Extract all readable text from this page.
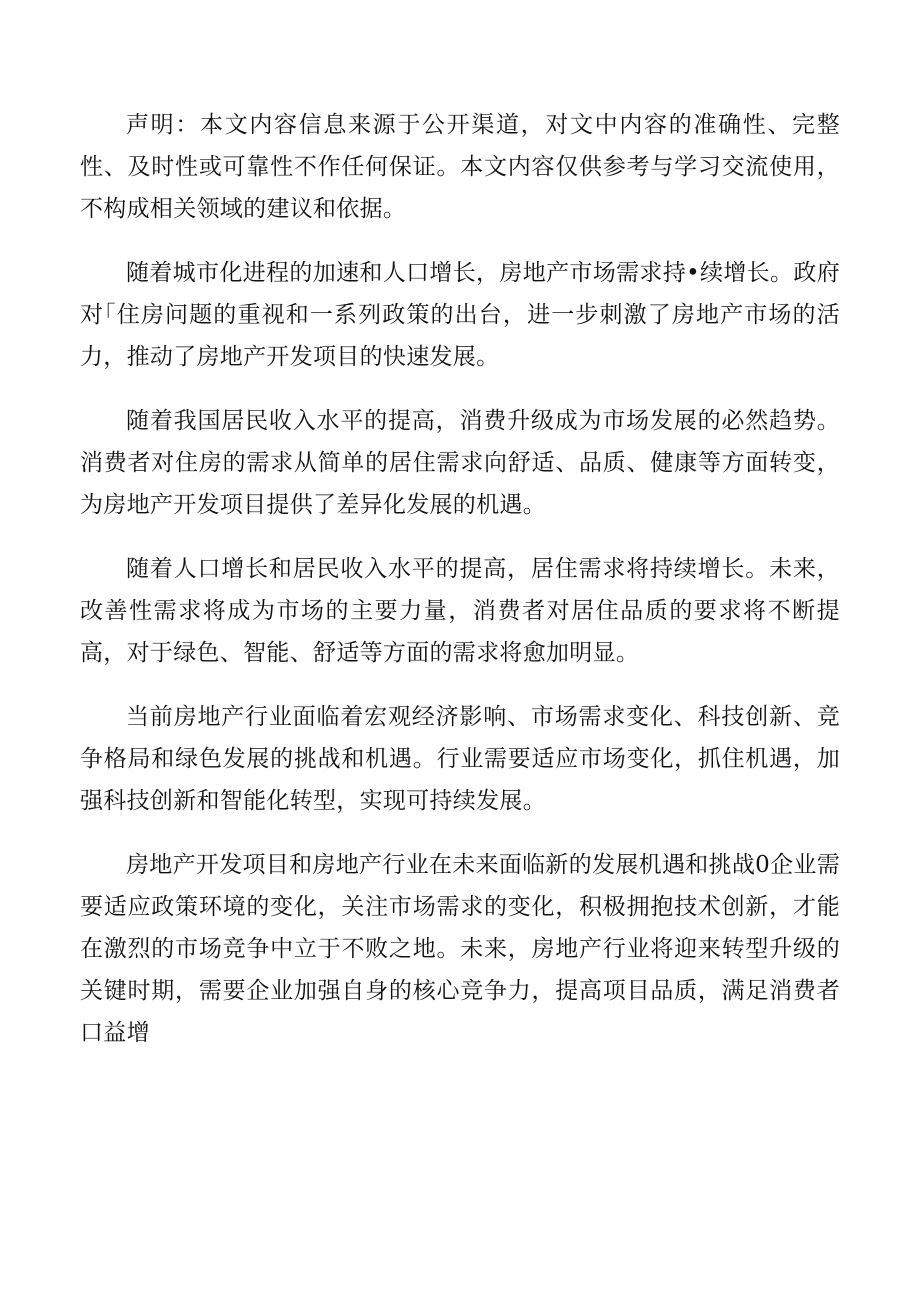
声明：本文内容信息来源于公开渠道，对文中内容的准确性、完整性、及时性或可靠性不作任何保证。本文内容仅供参考与学习交流使用，不构成相关领域的建议和依据。

随着城市化进程的加速和人口增长，房地产市场需求持•续增长。政府对｢住房问题的重视和一系列政策的出台，进一步刺激了房地产市场的活力，推动了房地产开发项目的快速发展。

随着我国居民收入水平的提高，消费升级成为市场发展的必然趋势。消费者对住房的需求从简单的居住需求向舒适、品质、健康等方面转变，为房地产开发项目提供了差异化发展的机遇。

随着人口增长和居民收入水平的提高，居住需求将持续增长。未来，改善性需求将成为市场的主要力量，消费者对居住品质的要求将不断提高，对于绿色、智能、舒适等方面的需求将愈加明显。

当前房地产行业面临着宏观经济影响、市场需求变化、科技创新、竞争格局和绿色发展的挑战和机遇。行业需要适应市场变化，抓住机遇，加强科技创新和智能化转型，实现可持续发展。

房地产开发项目和房地产行业在未来面临新的发展机遇和挑战0企业需要适应政策环境的变化，关注市场需求的变化，积极拥抱技术创新，才能在激烈的市场竞争中立于不败之地。未来，房地产行业将迎来转型升级的关键时期，需要企业加强自身的核心竞争力，提高项目品质，满足消费者口益增
